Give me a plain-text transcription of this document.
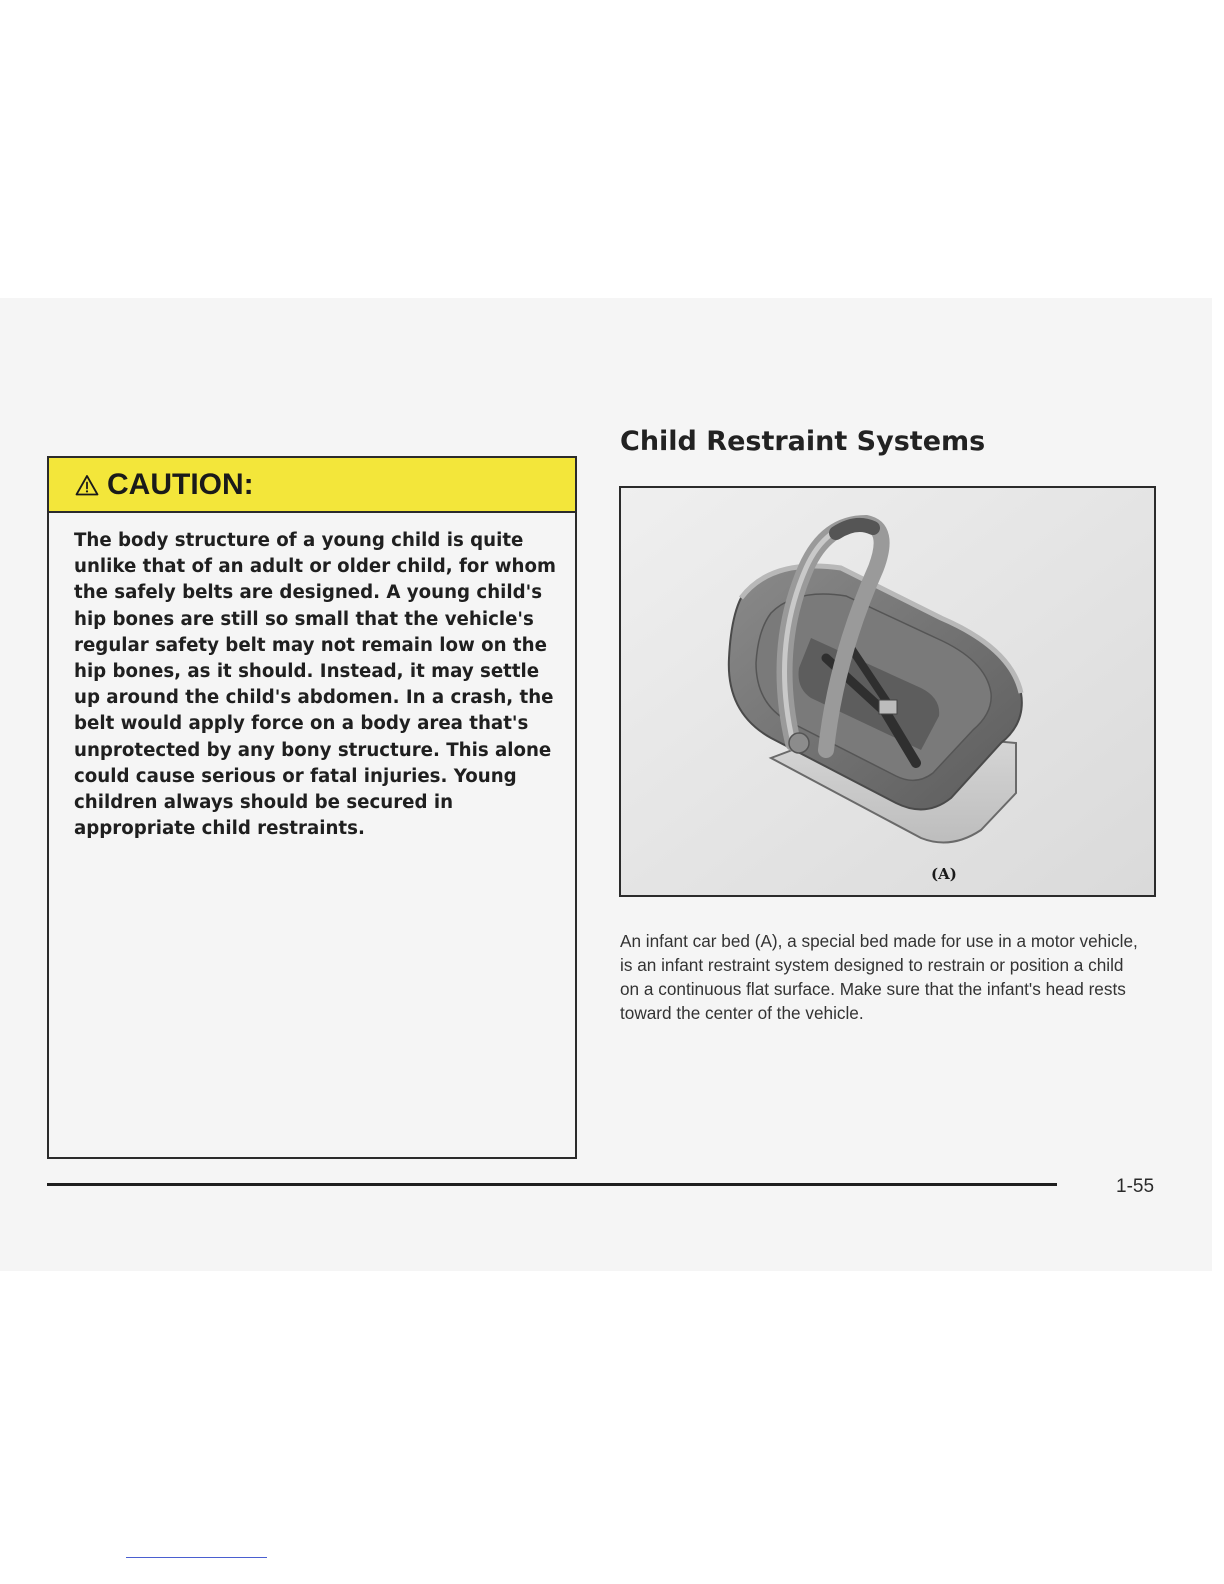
CAUTION:

The body structure of a young child is quite unlike that of an adult or older child, for whom the safely belts are designed. A young child's hip bones are still so small that the vehicle's regular safety belt may not remain low on the hip bones, as it should. Instead, it may settle up around the child's abdomen. In a crash, the belt would apply force on a body area that's unprotected by any bony structure. This alone could cause serious or fatal injuries. Young children always should be secured in appropriate child restraints.

Child Restraint Systems
(A)

An infant car bed (A), a special bed made for use in a motor vehicle, is an infant restraint system designed to restrain or position a child on a continuous flat surface. Make sure that the infant's head rests toward the center of the vehicle.

1-55
